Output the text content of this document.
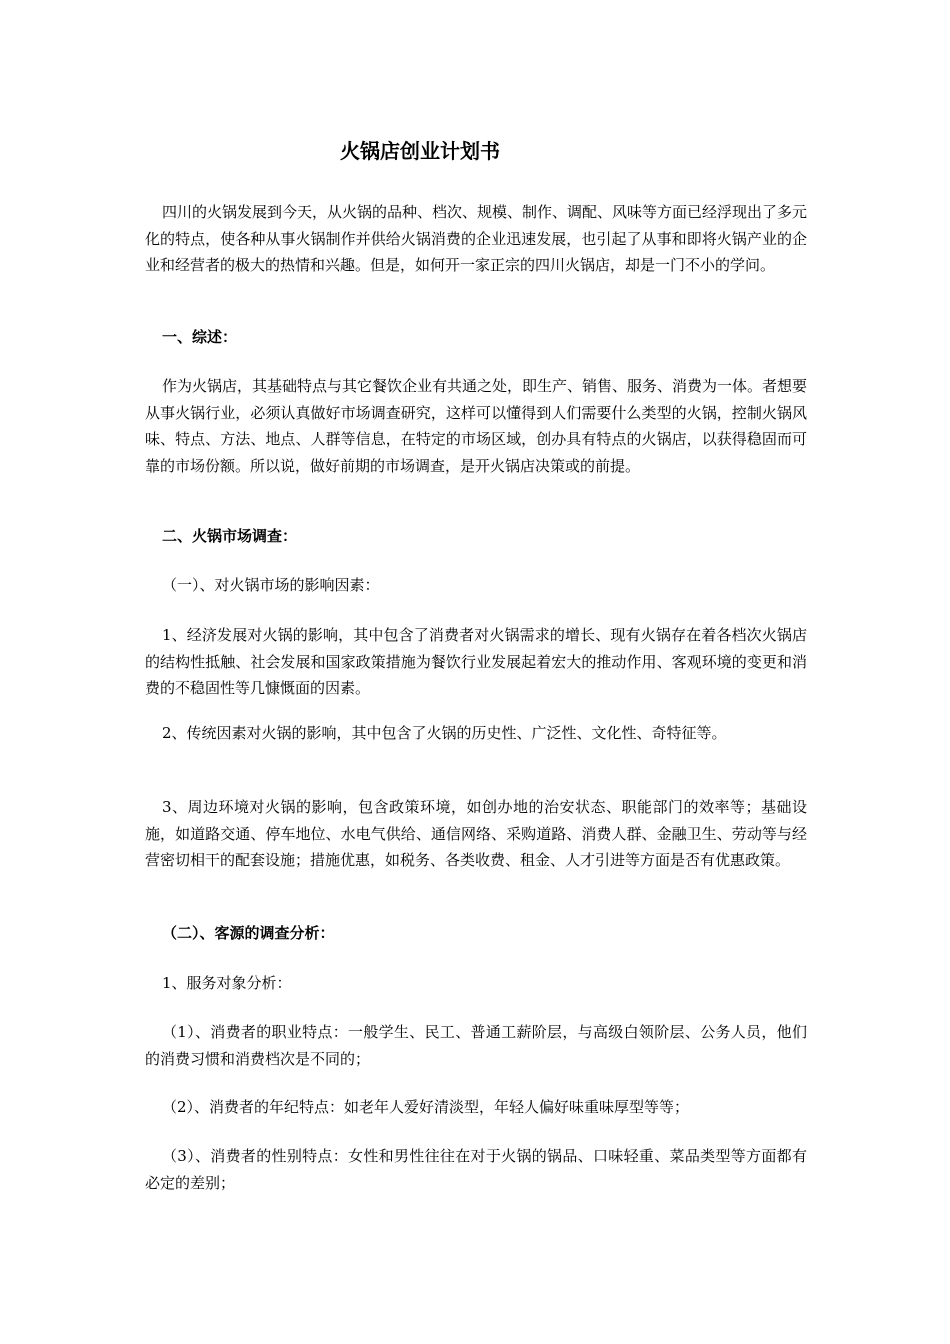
火锅店创业计划书

四川的火锅发展到今天，从火锅的品种、档次、规模、制作、调配、风味等方面已经浮现出了多元化的特点，使各种从事火锅制作并供给火锅消费的企业迅速发展，也引起了从事和即将火锅产业的企业和经营者的极大的热情和兴趣。但是，如何开一家正宗的四川火锅店，却是一门不小的学问。

一、综述：

作为火锅店，其基础特点与其它餐饮企业有共通之处，即生产、销售、服务、消费为一体。者想要从事火锅行业，必须认真做好市场调查研究，这样可以懂得到人们需要什么类型的火锅，控制火锅风味、特点、方法、地点、人群等信息，在特定的市场区域，创办具有特点的火锅店，以获得稳固而可靠的市场份额。所以说，做好前期的市场调查，是开火锅店决策或的前提。

二、火锅市场调查：

（一）、对火锅市场的影响因素：

1、经济发展对火锅的影响，其中包含了消费者对火锅需求的增长、现有火锅存在着各档次火锅店的结构性抵触、社会发展和国家政策措施为餐饮行业发展起着宏大的推动作用、客观环境的变更和消费的不稳固性等几慷慨面的因素。

2、传统因素对火锅的影响，其中包含了火锅的历史性、广泛性、文化性、奇特征等。

3、周边环境对火锅的影响，包含政策环境，如创办地的治安状态、职能部门的效率等；基础设施，如道路交通、停车地位、水电气供给、通信网络、采购道路、消费人群、金融卫生、劳动等与经营密切相干的配套设施；措施优惠，如税务、各类收费、租金、人才引进等方面是否有优惠政策。

（二）、客源的调查分析：

1、服务对象分析：

（1）、消费者的职业特点：一般学生、民工、普通工薪阶层，与高级白领阶层、公务人员，他们的消费习惯和消费档次是不同的；

（2）、消费者的年纪特点：如老年人爱好清淡型，年轻人偏好味重味厚型等等；

（3）、消费者的性别特点：女性和男性往往在对于火锅的锅品、口味轻重、菜品类型等方面都有必定的差别；
